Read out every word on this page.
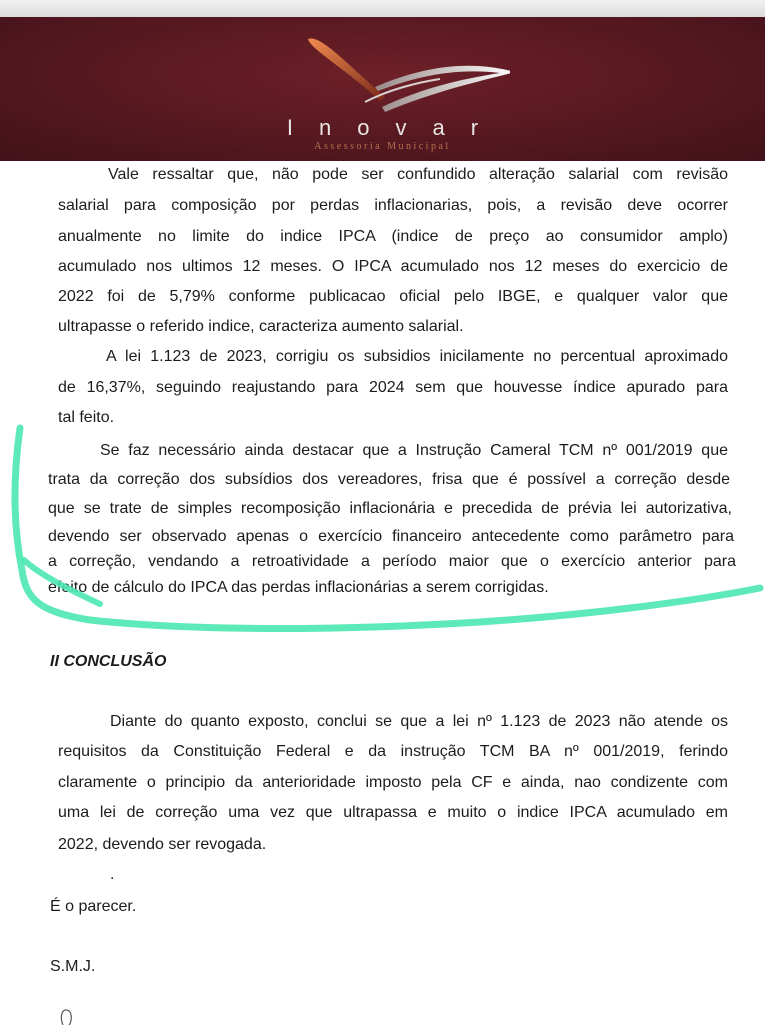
Inovar
Assessoria Municipal
Vale ressaltar que, não pode ser confundido alteração salarial com revisão
salarial para composição por perdas inflacionarias, pois, a revisão deve ocorrer
anualmente no limite do indice IPCA (indice de preço ao consumidor amplo)
acumulado nos ultimos 12 meses. O IPCA acumulado nos 12 meses do exercicio de
2022 foi de 5,79% conforme publicacao oficial pelo IBGE, e qualquer valor que
ultrapasse o referido indice, caracteriza aumento salarial.
A lei 1.123 de 2023, corrigiu os subsidios inicilamente no percentual aproximado
de 16,37%, seguindo reajustando para 2024 sem que houvesse índice apurado para
tal feito.
Se faz necessário ainda destacar que a Instrução Cameral TCM nº 001/2019 que
trata da correção dos subsídios dos vereadores, frisa que é possível a correção desde
que se trate de simples recomposição inflacionária e precedida de prévia lei autorizativa,
devendo ser observado apenas o exercício financeiro antecedente como parâmetro para
a correção, vendando a retroatividade a período maior que o exercício anterior para
efeito de cálculo do IPCA das perdas inflacionárias a serem corrigidas.
II CONCLUSÃO
Diante do quanto exposto, conclui se que a lei nº 1.123 de 2023 não atende os
requisitos da Constituição Federal e da instrução TCM BA nº 001/2019, ferindo
claramente o principio da anterioridade imposto pela CF e ainda, nao condizente com
uma lei de correção uma vez que ultrapassa e muito o indice IPCA acumulado em
2022, devendo ser revogada.
.
É o parecer.
S.M.J.
